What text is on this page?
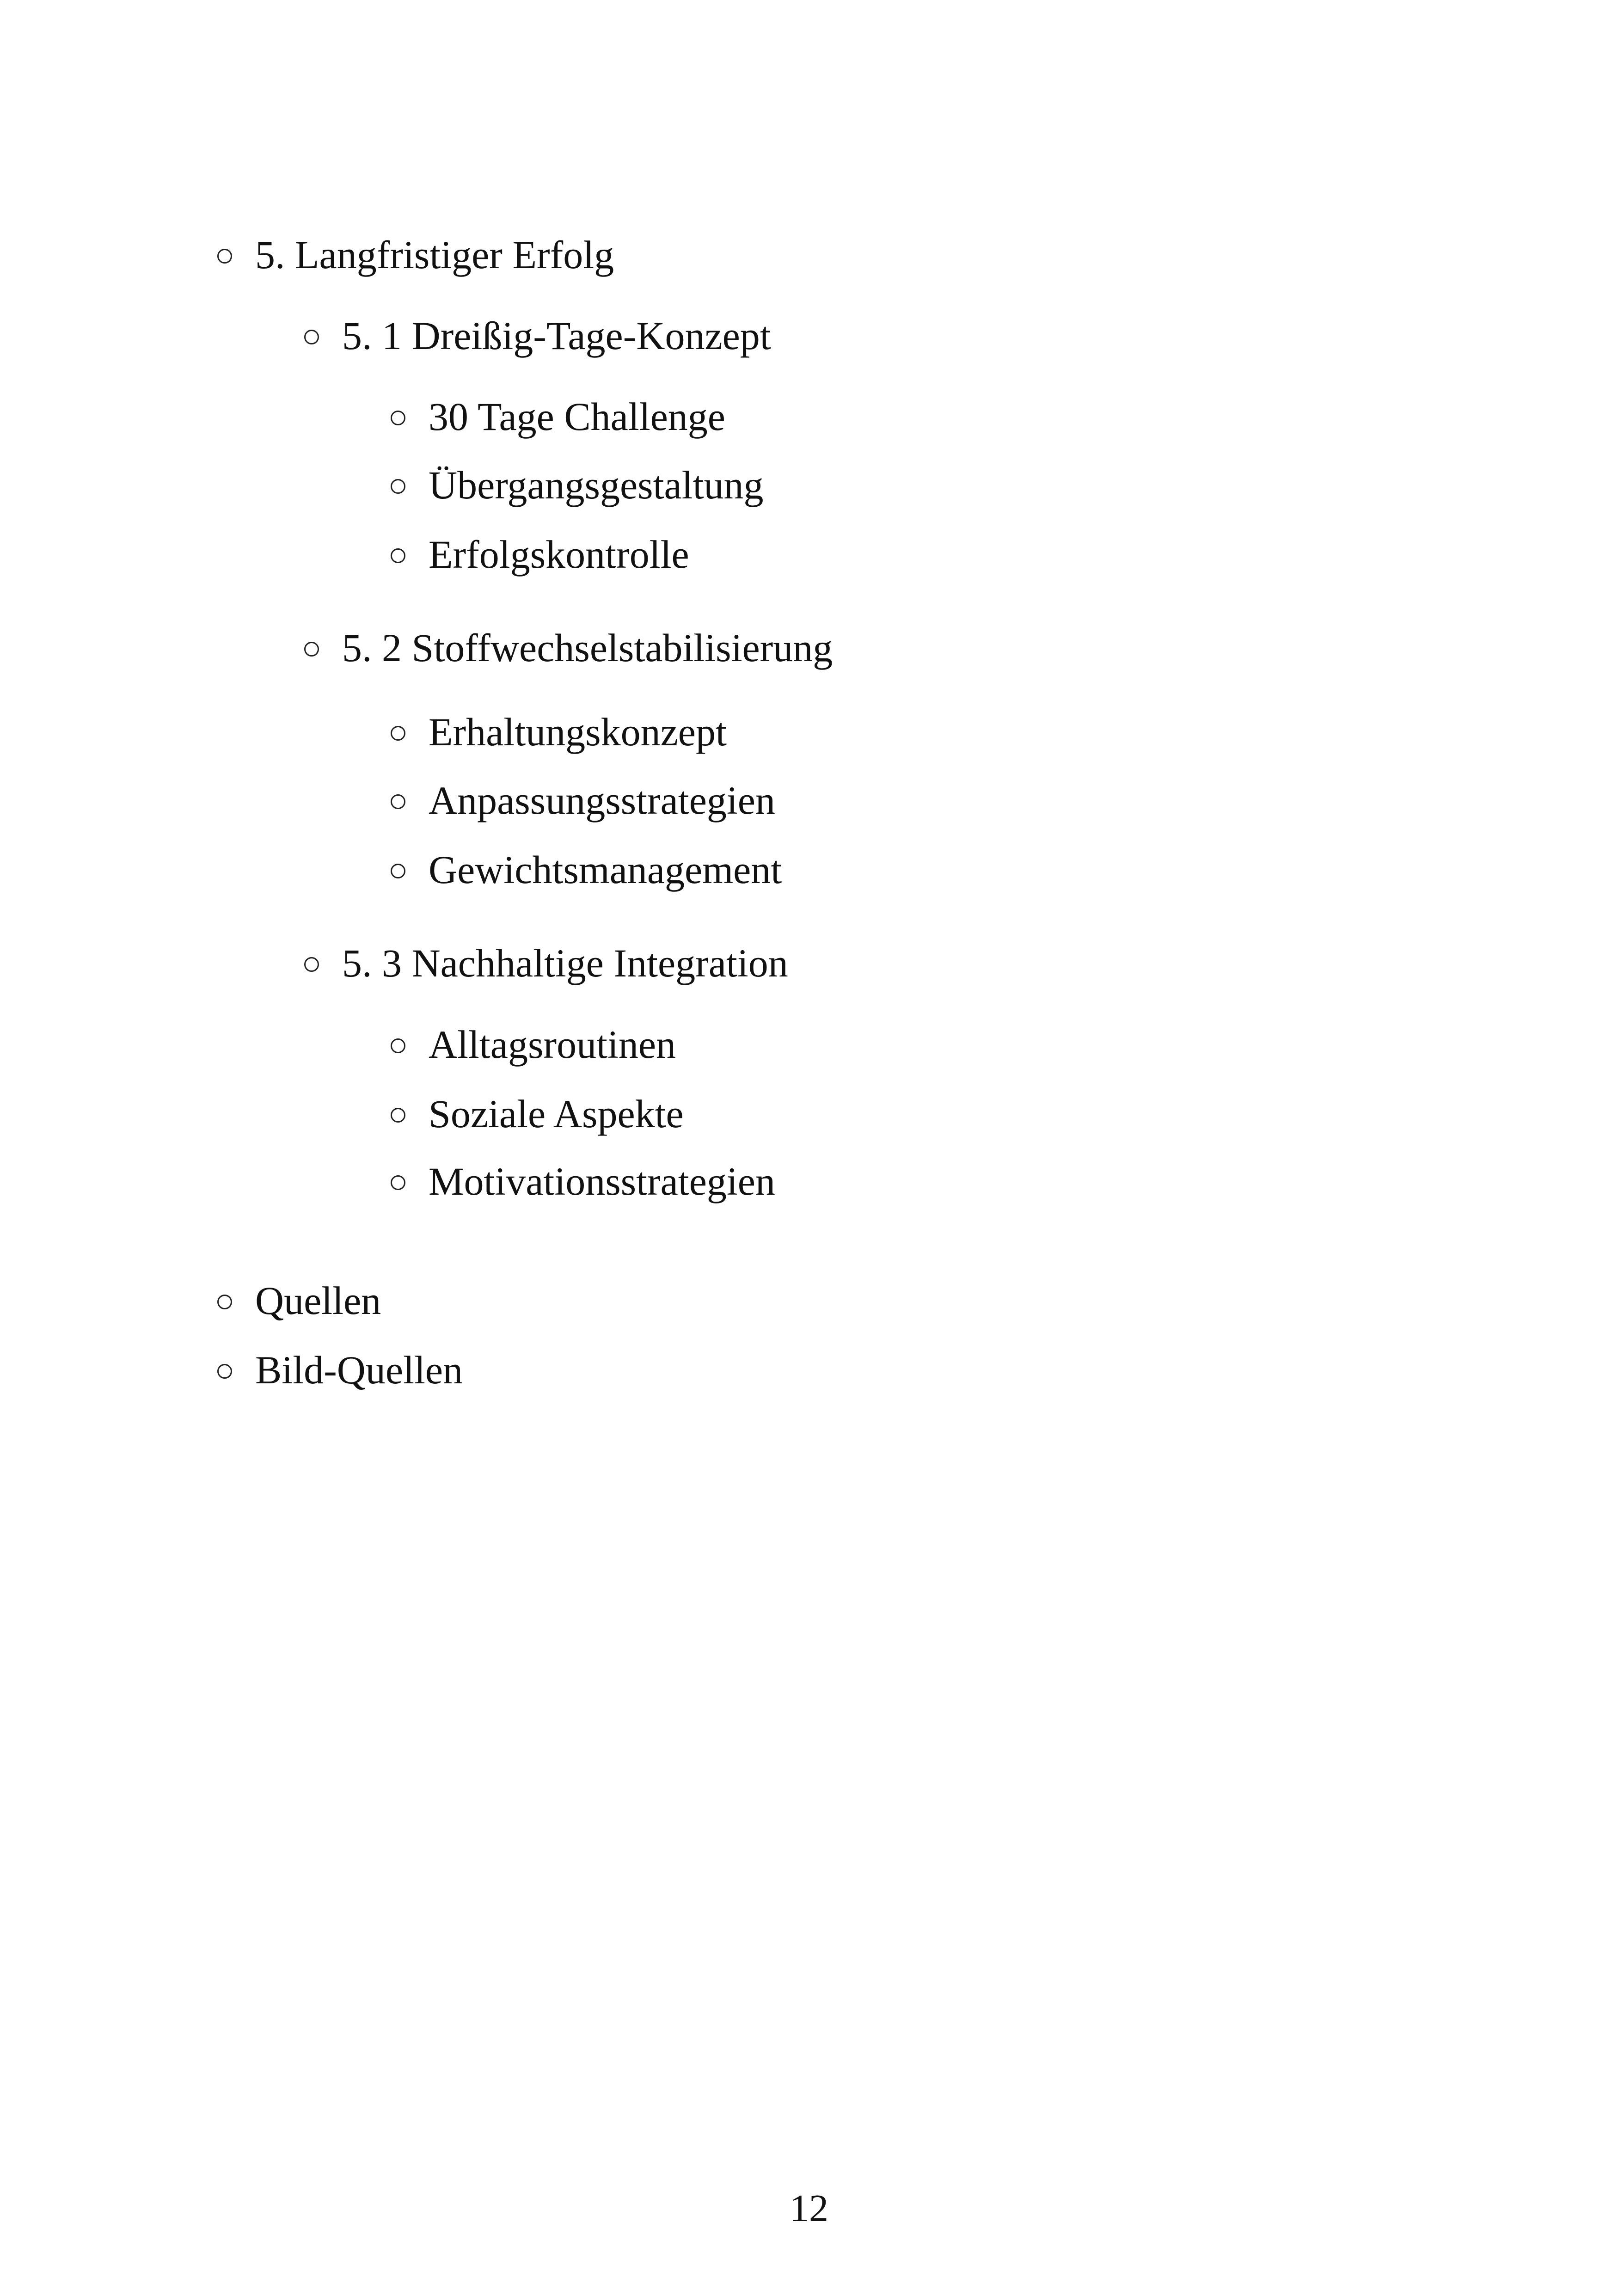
5. Langfristiger Erfolg
5. 1 Dreißig-Tage-Konzept
30 Tage Challenge
Übergangsgestaltung
Erfolgskontrolle
5. 2 Stoffwechselstabilisierung
Erhaltungskonzept
Anpassungsstrategien
Gewichtsmanagement
5. 3 Nachhaltige Integration
Alltagsroutinen
Soziale Aspekte
Motivationsstrategien
Quellen
Bild-Quellen
12
